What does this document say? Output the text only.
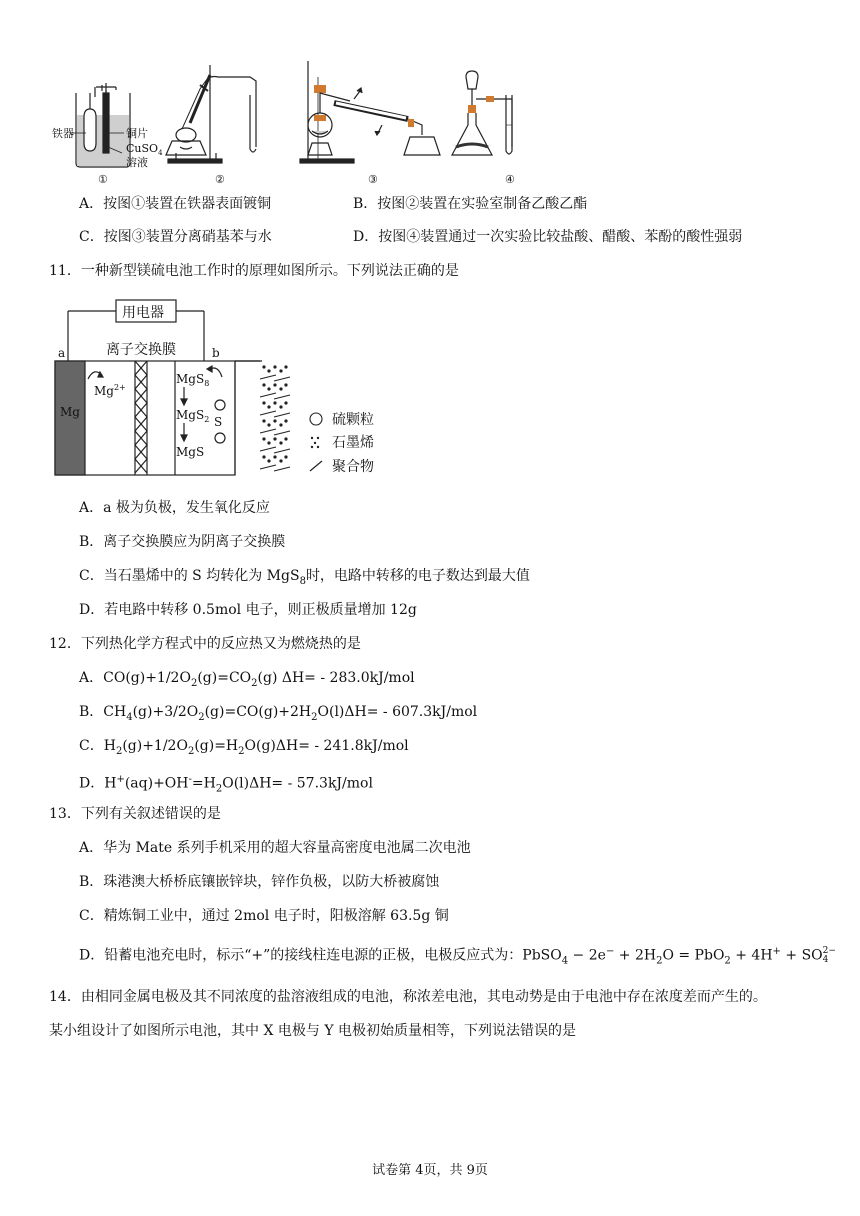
铁器	铜片
CuSO$_4$
溶液
①	②	③	④
A．按图①装置在铁器表面镀铜	B．按图②装置在实验室制备乙酸乙酯
C．按图③装置分离硝基苯与水	D．按图④装置通过一次实验比较盐酸、醋酸、苯酚的酸性强弱
11．一种新型镁硫电池工作时的原理如图所示。下列说法正确的是
用电器
离子交换膜
a	b
Mg
$Mg^{2+}$
MgS$_8$
MgS$_2$
MgS
S	硫颗粒
石墨烯
聚合物
A．a 极为负极，发生氧化反应
B．离子交换膜应为阴离子交换膜
C．当石墨烯中的 S 均转化为 MgS$_8$时，电路中转移的电子数达到最大值
D．若电路中转移 0.5mol 电子，则正极质量增加 12g
12．下列热化学方程式中的反应热又为燃烧热的是
A．$CO(g)+1/2O_2(g)=CO_2(g)$ ΔH= - 283.0kJ/mol
B．$CH_4(g)+3/2O_2(g)=CO(g)+2H_2O(l)\Delta H= - 607.3kJ/mol$
C．$H_2(g)+1/2O_2(g)=H_2O(g)\Delta H= - 241.8kJ/mol$
D．$H^+(aq)+OH^-=H_2O(l)\Delta H= - 57.3kJ/mol$
13．下列有关叙述错误的是
A．华为 Mate 系列手机采用的超大容量高密度电池属二次电池
B．珠港澳大桥桥底镶嵌锌块，锌作负极，以防大桥被腐蚀
C．精炼铜工业中，通过 2mol 电子时，阳极溶解 63.5g 铜
D．铅蓄电池充电时，标示“+”的接线柱连电源的正极，电极反应式为：PbSO$_4$ − $2e^- + 2H_2O = PbO_2 + 4H^+$ + SO 2−
4
14．由相同金属电极及其不同浓度的盐溶液组成的电池，称浓差电池，其电动势是由于电池中存在浓度差而产生的。
某小组设计了如图所示电池，其中 X 电极与 Y 电极初始质量相等，下列说法错误的是
试卷第 4页，共 9页
